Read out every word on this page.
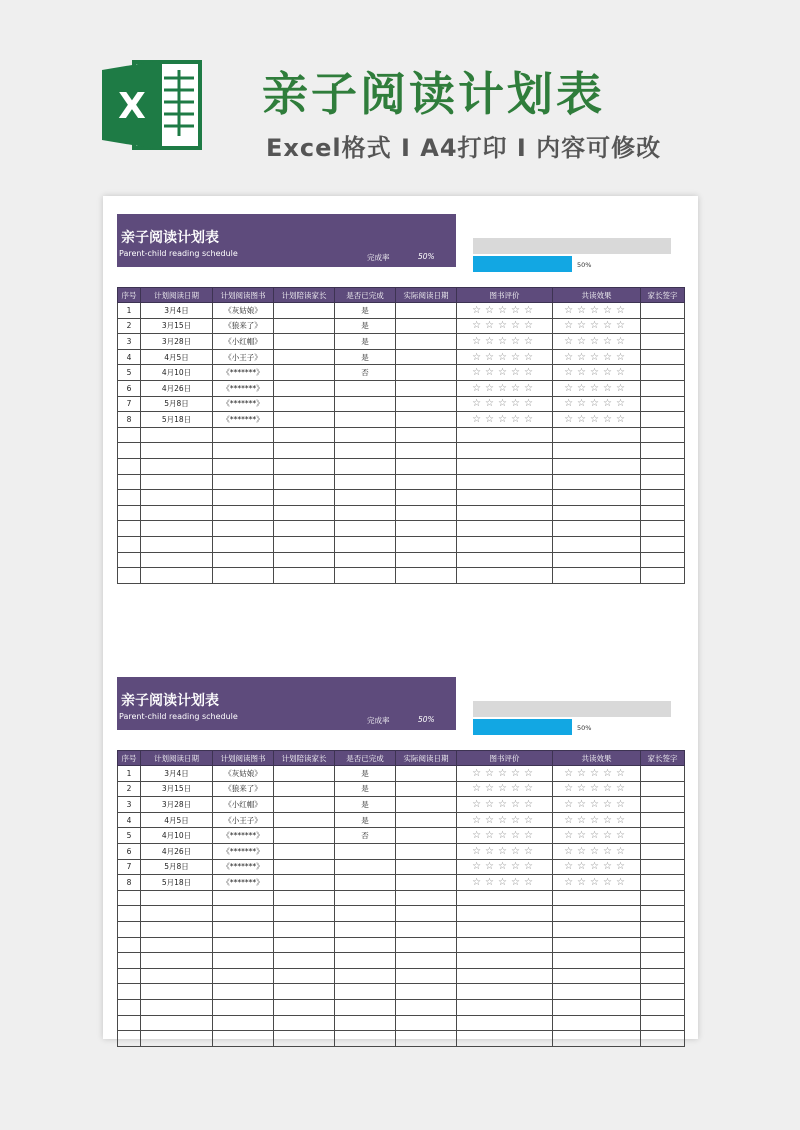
X	亲子阅读计划表
Excel格式 I A4打印 I 内容可修改
亲子阅读计划表
Parent-child reading schedule	完成率	50%
50%
序号	计划阅读日期	计划阅读图书	计划陪读家长	是否已完成	实际阅读日期	图书评价	共读效果	家长签字
1	3月4日	《灰姑娘》		是		☆☆☆☆☆	☆☆☆☆☆	
2	3月15日	《狼来了》		是		☆☆☆☆☆	☆☆☆☆☆	
3	3月28日	《小红帽》		是		☆☆☆☆☆	☆☆☆☆☆	
4	4月5日	《小王子》		是		☆☆☆☆☆	☆☆☆☆☆	
5	4月10日	《*******》		否		☆☆☆☆☆	☆☆☆☆☆	
6	4月26日	《*******》				☆☆☆☆☆	☆☆☆☆☆	
7	5月8日	《*******》				☆☆☆☆☆	☆☆☆☆☆	
8	5月18日	《*******》				☆☆☆☆☆	☆☆☆☆☆	

亲子阅读计划表
Parent-child reading schedule	完成率	50%
50%
序号	计划阅读日期	计划阅读图书	计划陪读家长	是否已完成	实际阅读日期	图书评价	共读效果	家长签字
1	3月4日	《灰姑娘》		是		☆☆☆☆☆	☆☆☆☆☆	
2	3月15日	《狼来了》		是		☆☆☆☆☆	☆☆☆☆☆	
3	3月28日	《小红帽》		是		☆☆☆☆☆	☆☆☆☆☆	
4	4月5日	《小王子》		是		☆☆☆☆☆	☆☆☆☆☆	
5	4月10日	《*******》		否		☆☆☆☆☆	☆☆☆☆☆	
6	4月26日	《*******》				☆☆☆☆☆	☆☆☆☆☆	
7	5月8日	《*******》				☆☆☆☆☆	☆☆☆☆☆	
8	5月18日	《*******》				☆☆☆☆☆	☆☆☆☆☆	
